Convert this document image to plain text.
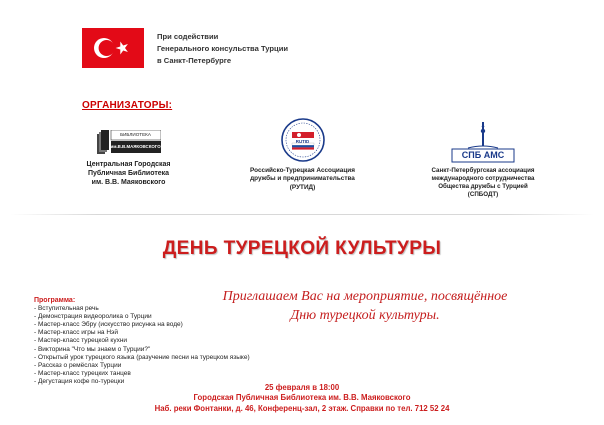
При содействии
Генерального консульства Турции
в Санкт-Петербурге
ОРГАНИЗАТОРЫ:
БИБЛИОТЕКА
им.В.В.МАЯКОВСКОГО
Центральная Городская
Публичная Библиотека
им. В.В. Маяковского
RUTID
Российско-Турецкая Ассоциация
дружбы и предпринимательства
(РУТИД)
СПБ АМС
Санкт-Петербургская ассоциация
международного сотрудничества
Общества дружбы с Турцией
(СПБОДТ)
ДЕНЬ ТУРЕЦКОЙ КУЛЬТУРЫ
Приглашаем Вас на мероприятие, посвящённое
Дню турецкой культуры.
Программа:
- Вступительная речь
- Демонстрация видеоролика о Турции
- Мастер-класс Эбру (искусство рисунка на воде)
- Мастер-класс игры на Нэй
- Мастер-класс турецкой кухни
- Викторина "Что мы знаем о Турции?"
- Открытый урок турецкого языка (разучение песни на турецком языке)
- Рассказ о ремёслах Турции
- Мастер-класс турецких танцев
- Дегустация кофе по-турецки
25 февраля в 18:00
Городская Публичная Библиотека им. В.В. Маяковского
Наб. реки Фонтанки, д. 46, Конференц-зал, 2 этаж. Справки по тел. 712 52 24
